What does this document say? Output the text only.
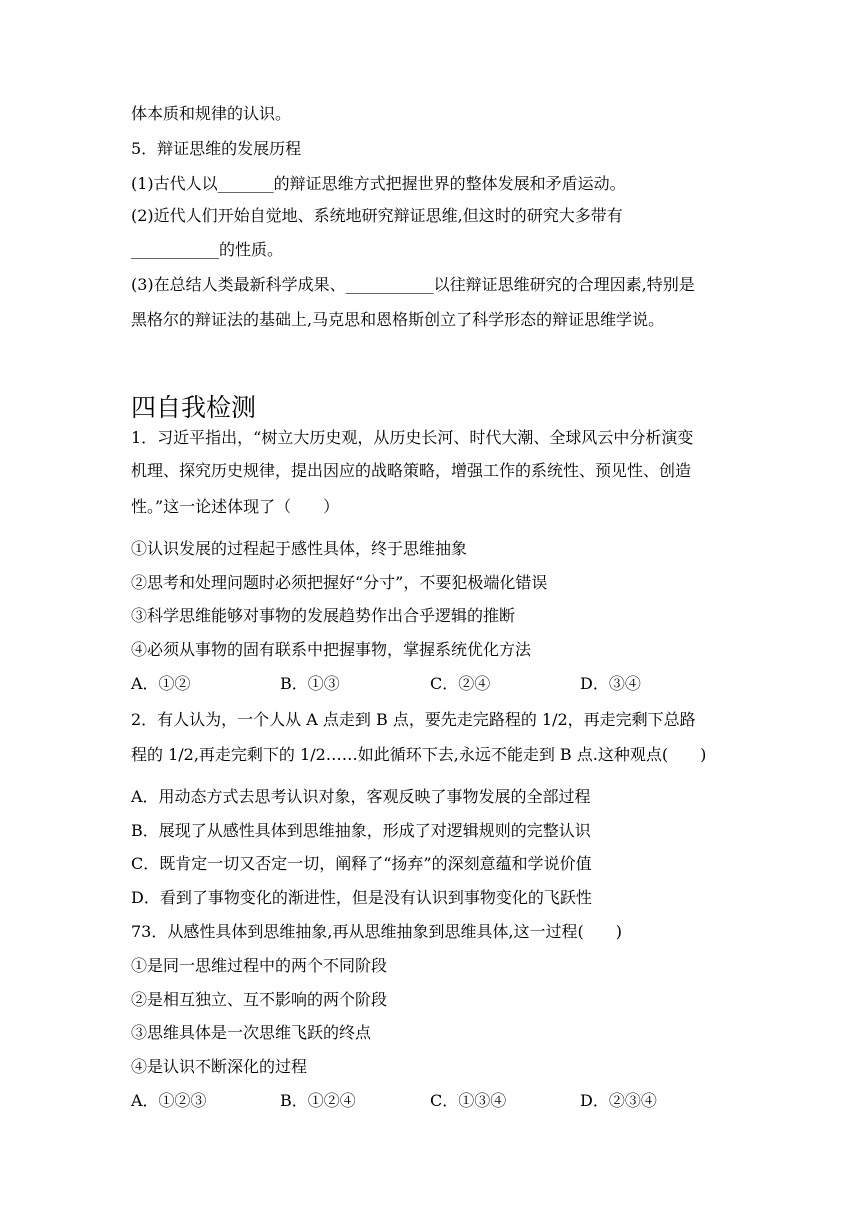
体本质和规律的认识。
5．辩证思维的发展历程
(1)古代人以_______的辩证思维方式把握世界的整体发展和矛盾运动。
(2)近代人们开始自觉地、系统地研究辩证思维,但这时的研究大多带有
___________的性质。
(3)在总结人类最新科学成果、___________以往辩证思维研究的合理因素,特别是
黑格尔的辩证法的基础上,马克思和恩格斯创立了科学形态的辩证思维学说。
四自我检测
1．习近平指出，“树立大历史观，从历史长河、时代大潮、全球风云中分析演变
机理、探究历史规律，提出因应的战略策略，增强工作的系统性、预见性、创造
性。”这一论述体现了（　　）
①认识发展的过程起于感性具体，终于思维抽象
②思考和处理问题时必须把握好“分寸”，不要犯极端化错误
③科学思维能够对事物的发展趋势作出合乎逻辑的推断
④必须从事物的固有联系中把握事物，掌握系统优化方法
A．①②	B．①③	C．②④	D．③④
2．有人认为，一个人从 A 点走到 B 点，要先走完路程的 1/2，再走完剩下总路
程的 1/2,再走完剩下的 1/2……如此循环下去,永远不能走到 B 点.这种观点(　　)
A．用动态方式去思考认识对象，客观反映了事物发展的全部过程
B．展现了从感性具体到思维抽象，形成了对逻辑规则的完整认识
C．既肯定一切又否定一切，阐释了“扬弃”的深刻意蕴和学说价值
D．看到了事物变化的渐进性，但是没有认识到事物变化的飞跃性
73．从感性具体到思维抽象,再从思维抽象到思维具体,这一过程(　　)
①是同一思维过程中的两个不同阶段
②是相互独立、互不影响的两个阶段
③思维具体是一次思维飞跃的终点
④是认识不断深化的过程
A．①②③	B．①②④	C．①③④	D．②③④
